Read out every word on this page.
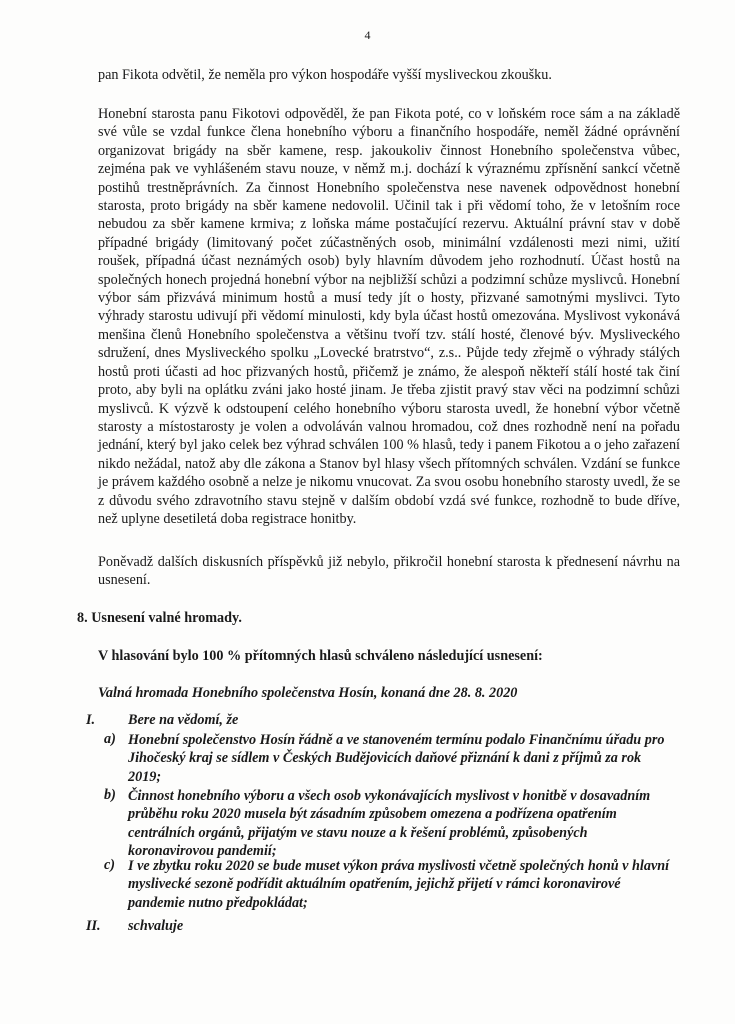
4
pan Fikota odvětil, že neměla pro výkon hospodáře vyšší mysliveckou zkoušku.
Honební starosta panu Fikotovi odpověděl, že pan Fikota poté, co v loňském roce sám a na základě své vůle se vzdal funkce člena honebního výboru a finančního hospodáře, neměl žádné oprávnění organizovat brigády na sběr kamene, resp. jakoukoliv činnost Honebního společenstva vůbec, zejména pak ve vyhlášeném stavu nouze, v němž m.j. dochází k výraznému zpřísnění sankcí včetně postihů trestněprávních. Za činnost Honebního společenstva nese navenek odpovědnost honební starosta, proto brigády na sběr kamene nedovolil. Učinil tak i při vědomí toho, že v letošním roce nebudou za sběr kamene krmiva; z loňska máme postačující rezervu. Aktuální právní stav v době případné brigády (limitovaný počet zúčastněných osob, minimální vzdálenosti mezi nimi, užití roušek, případná účast neznámých osob) byly hlavním důvodem jeho rozhodnutí. Účast hostů na společných honech projedná honební výbor na nejbližší schůzi a podzimní schůze myslivců. Honební výbor sám přizvává minimum hostů a musí tedy jít o hosty, přizvané samotnými myslivci. Tyto výhrady starostu udivují při vědomí minulosti, kdy byla účast hostů omezována. Myslivost vykonává menšina členů Honebního společenstva a většinu tvoří tzv. stálí hosté, členové býv. Mysliveckého sdružení, dnes Mysliveckého spolku „Lovecké bratrstvo“, z.s.. Půjde tedy zřejmě o výhrady stálých hostů proti účasti ad hoc přizvaných hostů, přičemž je známo, že alespoň někteří stálí hosté tak činí proto, aby byli na oplátku zváni jako hosté jinam. Je třeba zjistit pravý stav věci na podzimní schůzi myslivců. K výzvě k odstoupení celého honebního výboru starosta uvedl, že honební výbor včetně starosty a místostarosty je volen a odvoláván valnou hromadou, což dnes rozhodně není na pořadu jednání, který byl jako celek bez výhrad schválen 100 % hlasů, tedy i panem Fikotou a o jeho zařazení nikdo nežádal, natož aby dle zákona a Stanov byl hlasy všech přítomných schválen. Vzdání se funkce je právem každého osobně a nelze je nikomu vnucovat. Za svou osobu honebního starosty uvedl, že se z důvodu svého zdravotního stavu stejně v dalším období vzdá své funkce, rozhodně to bude dříve, než uplyne desetiletá doba registrace honitby.
Poněvadž dalších diskusních příspěvků již nebylo, přikročil honební starosta k přednesení návrhu na usnesení.
8. Usnesení valné hromady.
V hlasování bylo 100 % přítomných hlasů schváleno následující usnesení:
Valná hromada Honebního společenstva Hosín, konaná dne 28. 8. 2020
I. Bere na vědomí, že
a) Honební společenstvo Hosín řádně a ve stanoveném termínu podalo Finančnímu úřadu pro Jihočeský kraj se sídlem v Českých Budějovicích daňové přiznání k dani z příjmů za rok 2019;
b) Činnost honebního výboru a všech osob vykonávajících myslivost v honitbě v dosavadním průběhu roku 2020 musela být zásadním způsobem omezena a podřízena opatřením centrálních orgánů, přijatým ve stavu nouze a k řešení problémů, způsobených koronavirovou pandemií;
c) I ve zbytku roku 2020 se bude muset výkon práva myslivosti včetně společných honů v hlavní myslivecké sezoně podřídit aktuálním opatřením, jejichž přijetí v rámci koronavirové pandemie nutno předpokládat;
II. schvaluje
